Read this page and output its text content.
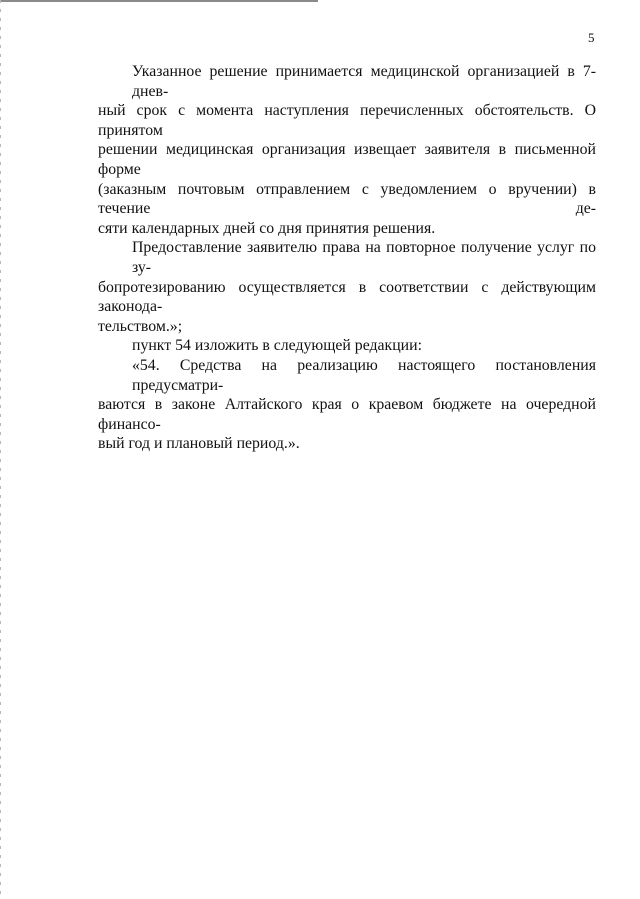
5
Указанное решение принимается медицинской организацией в 7-днев-
ный срок с момента наступления перечисленных обстоятельств. О принятом
решении медицинская организация извещает заявителя в письменной форме
(заказным почтовым отправлением с уведомлением о вручении) в течение де-
сяти календарных дней со дня принятия решения.
Предоставление заявителю права на повторное получение услуг по зу-
бопротезированию осуществляется в соответствии с действующим законода-
тельством.»;
пункт 54 изложить в следующей редакции:
«54. Средства на реализацию настоящего постановления предусматри-
ваются в законе Алтайского края о краевом бюджете на очередной финансо-
вый год и плановый период.».
